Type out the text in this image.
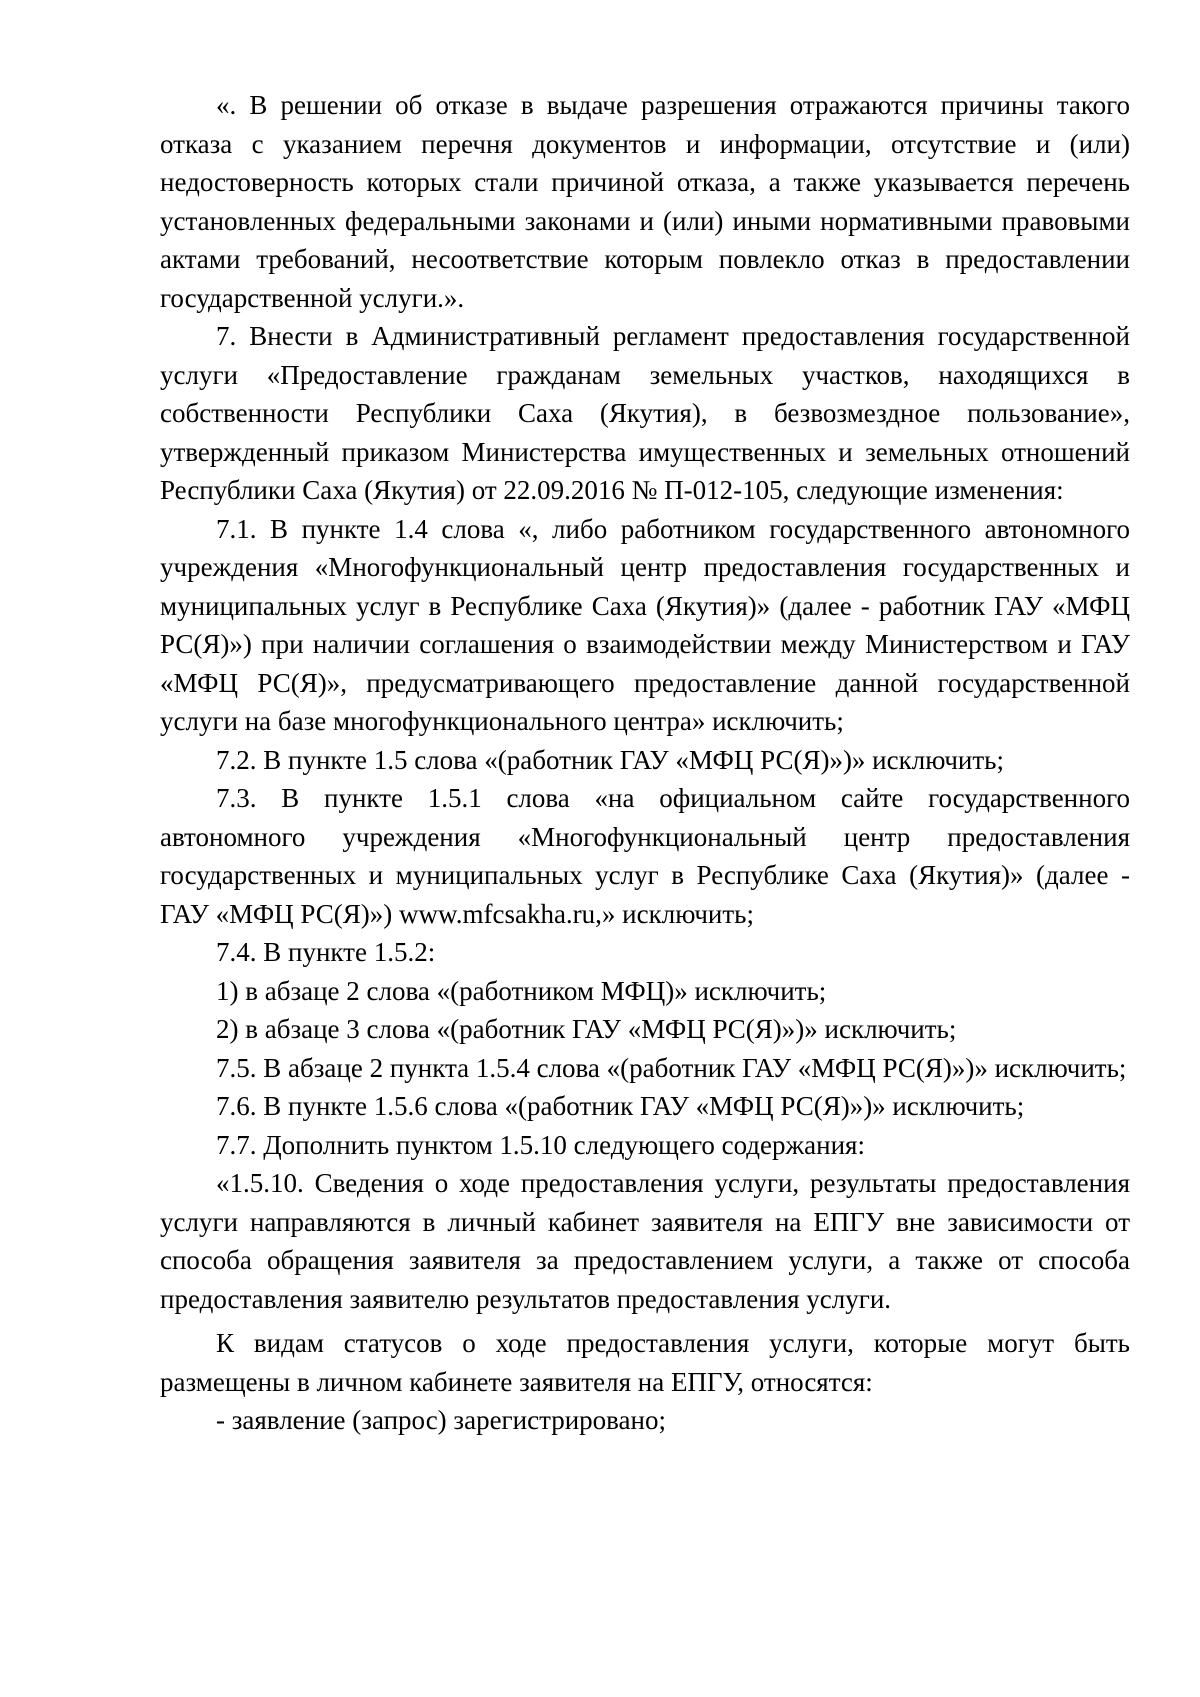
«. В решении об отказе в выдаче разрешения отражаются причины такого отказа с указанием перечня документов и информации, отсутствие и (или) недостоверность которых стали причиной отказа, а также указывается перечень установленных федеральными законами и (или) иными нормативными правовыми актами требований, несоответствие которым повлекло отказ в предоставлении государственной услуги.».

7. Внести в Административный регламент предоставления государственной услуги «Предоставление гражданам земельных участков, находящихся в собственности Республики Саха (Якутия), в безвозмездное пользование», утвержденный приказом Министерства имущественных и земельных отношений Республики Саха (Якутия) от 22.09.2016 № П-012-105, следующие изменения:

7.1. В пункте 1.4 слова «, либо работником государственного автономного учреждения «Многофункциональный центр предоставления государственных и муниципальных услуг в Республике Саха (Якутия)» (далее - работник ГАУ «МФЦ РС(Я)») при наличии соглашения о взаимодействии между Министерством и ГАУ «МФЦ РС(Я)», предусматривающего предоставление данной государственной услуги на базе многофункционального центра» исключить;

7.2. В пункте 1.5 слова «(работник ГАУ «МФЦ РС(Я)»)» исключить;

7.3. В пункте 1.5.1 слова «на официальном сайте государственного автономного учреждения «Многофункциональный центр предоставления государственных и муниципальных услуг в Республике Саха (Якутия)» (далее - ГАУ «МФЦ РС(Я)») www.mfcsakha.ru,» исключить;

7.4. В пункте 1.5.2:

1) в абзаце 2 слова «(работником МФЦ)» исключить;

2) в абзаце 3 слова «(работник ГАУ «МФЦ РС(Я)»)» исключить;

7.5. В абзаце 2 пункта 1.5.4 слова «(работник ГАУ «МФЦ РС(Я)»)» исключить;

7.6. В пункте 1.5.6 слова «(работник ГАУ «МФЦ РС(Я)»)» исключить;

7.7. Дополнить пунктом 1.5.10 следующего содержания:

«1.5.10. Сведения о ходе предоставления услуги, результаты предоставления услуги направляются в личный кабинет заявителя на ЕПГУ вне зависимости от способа обращения заявителя за предоставлением услуги, а также от способа предоставления заявителю результатов предоставления услуги.

К видам статусов о ходе предоставления услуги, которые могут быть размещены в личном кабинете заявителя на ЕПГУ, относятся:

- заявление (запрос) зарегистрировано;
